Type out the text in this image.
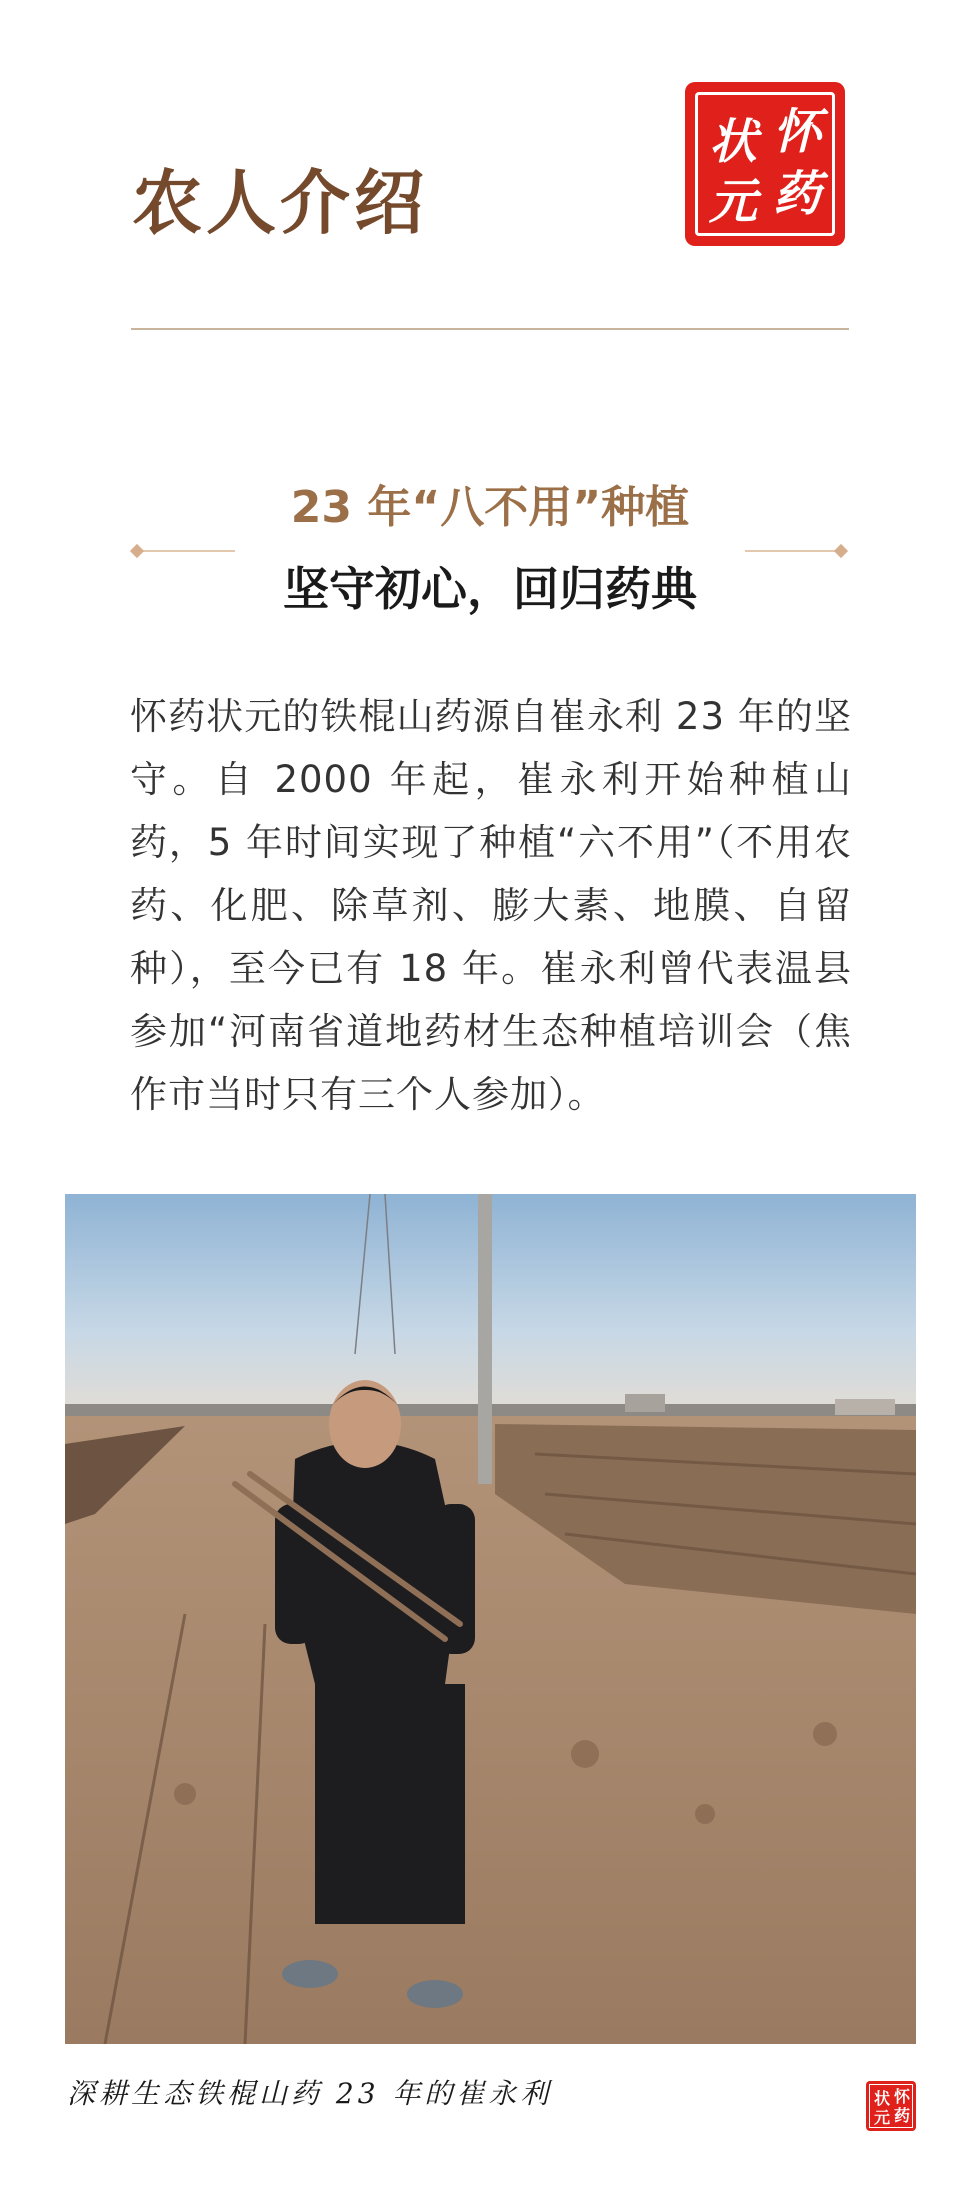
农人介绍
怀
药
状
元
23 年“八不用”种植
坚守初心，回归药典

怀药状元的铁棍山药源自崔永利 23 年的坚守。自 2000 年起，崔永利开始种植山药，5 年时间实现了种植“六不用”（不用农药、化肥、除草剂、膨大素、地膜、自留种），至今已有 18 年。崔永利曾代表温县参加“河南省道地药材生态种植培训会（焦作市当时只有三个人参加）。

深耕生态铁棍山药 23 年的崔永利	怀
药
状
元
